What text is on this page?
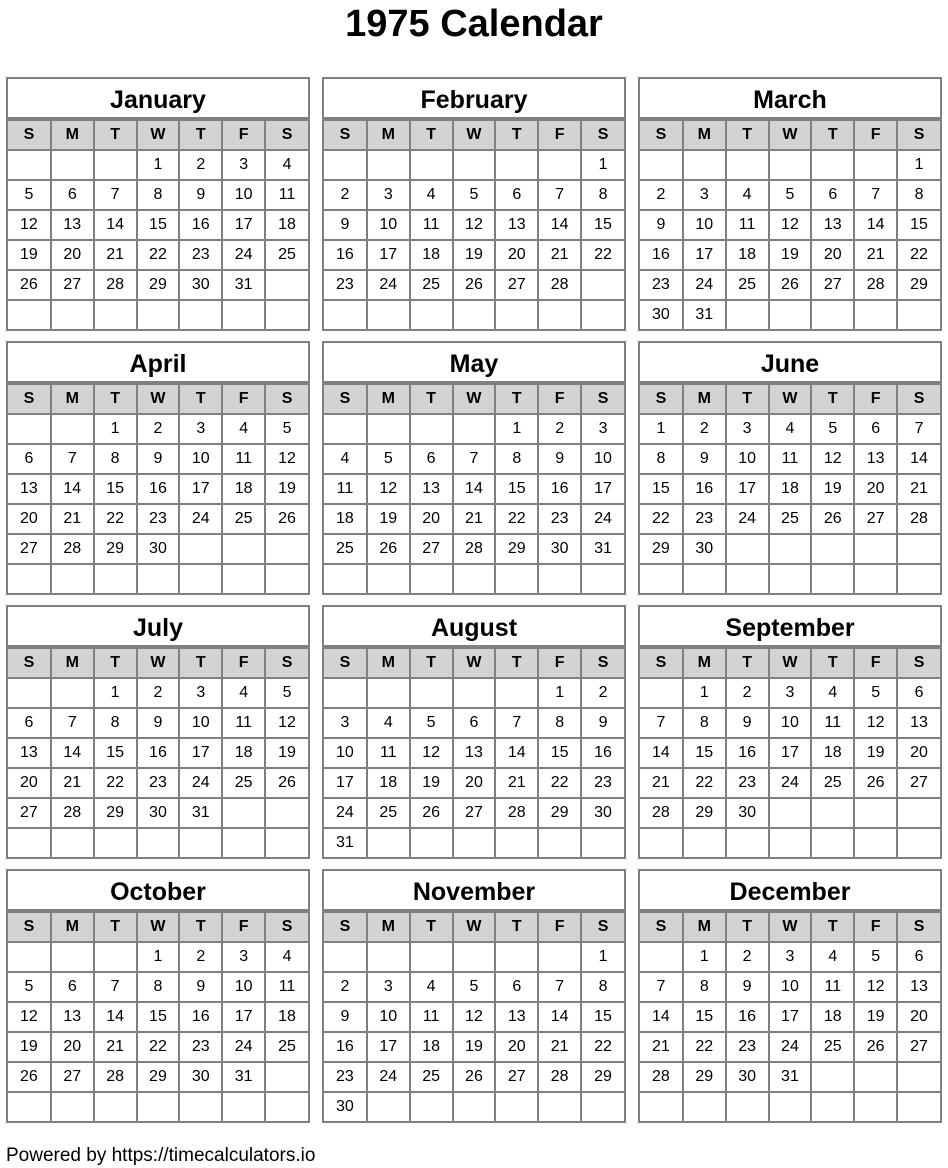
1975 Calendar
January
S	M	T	W	T	F	S
			1	2	3	4
5	6	7	8	9	10	11
12	13	14	15	16	17	18
19	20	21	22	23	24	25
26	27	28	29	30	31	

February
S	M	T	W	T	F	S
						1
2	3	4	5	6	7	8
9	10	11	12	13	14	15
16	17	18	19	20	21	22
23	24	25	26	27	28	

March
S	M	T	W	T	F	S
						1
2	3	4	5	6	7	8
9	10	11	12	13	14	15
16	17	18	19	20	21	22
23	24	25	26	27	28	29
30	31					
April
S	M	T	W	T	F	S
		1	2	3	4	5
6	7	8	9	10	11	12
13	14	15	16	17	18	19
20	21	22	23	24	25	26
27	28	29	30			

May
S	M	T	W	T	F	S
				1	2	3
4	5	6	7	8	9	10
11	12	13	14	15	16	17
18	19	20	21	22	23	24
25	26	27	28	29	30	31

June
S	M	T	W	T	F	S
1	2	3	4	5	6	7
8	9	10	11	12	13	14
15	16	17	18	19	20	21
22	23	24	25	26	27	28
29	30					

July
S	M	T	W	T	F	S
		1	2	3	4	5
6	7	8	9	10	11	12
13	14	15	16	17	18	19
20	21	22	23	24	25	26
27	28	29	30	31		

August
S	M	T	W	T	F	S
					1	2
3	4	5	6	7	8	9
10	11	12	13	14	15	16
17	18	19	20	21	22	23
24	25	26	27	28	29	30
31						
September
S	M	T	W	T	F	S
	1	2	3	4	5	6
7	8	9	10	11	12	13
14	15	16	17	18	19	20
21	22	23	24	25	26	27
28	29	30				

October
S	M	T	W	T	F	S
			1	2	3	4
5	6	7	8	9	10	11
12	13	14	15	16	17	18
19	20	21	22	23	24	25
26	27	28	29	30	31	

November
S	M	T	W	T	F	S
						1
2	3	4	5	6	7	8
9	10	11	12	13	14	15
16	17	18	19	20	21	22
23	24	25	26	27	28	29
30						
December
S	M	T	W	T	F	S
	1	2	3	4	5	6
7	8	9	10	11	12	13
14	15	16	17	18	19	20
21	22	23	24	25	26	27
28	29	30	31			

Powered by https://timecalculators.io
